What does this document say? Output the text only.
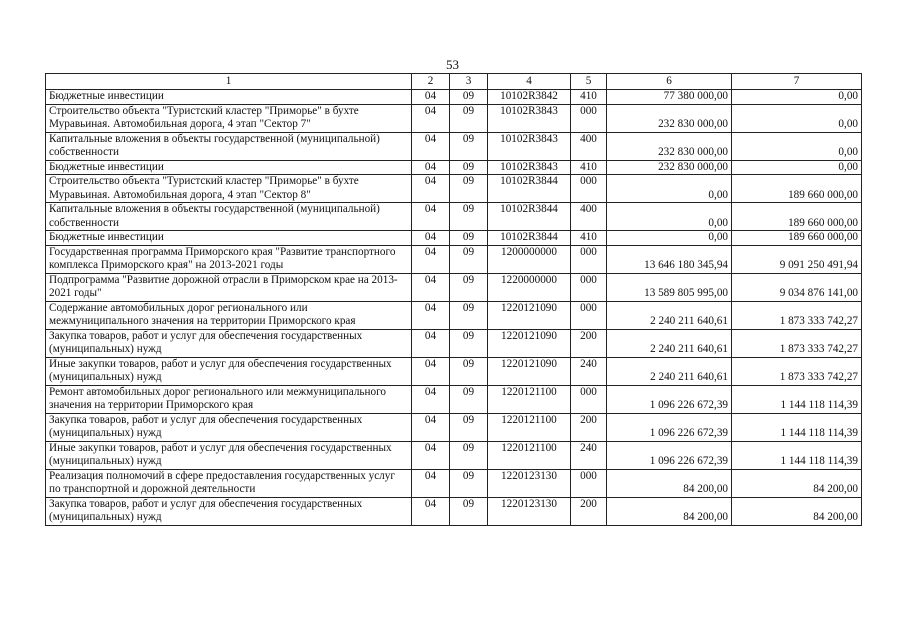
53
1	2	3	4	5	6	7
Бюджетные инвестиции	04	09	10102R3842	410	77 380 000,00	0,00
Строительство объекта "Туристский кластер "Приморье" в бухте Муравьиная. Автомобильная дорога, 4 этап "Сектор 7"	04	09	10102R3843	000	232 830 000,00	0,00
Капитальные вложения в объекты государственной (муниципальной) собственности	04	09	10102R3843	400	232 830 000,00	0,00
Бюджетные инвестиции	04	09	10102R3843	410	232 830 000,00	0,00
Строительство объекта "Туристский кластер "Приморье" в бухте Муравьиная. Автомобильная дорога, 4 этап "Сектор 8"	04	09	10102R3844	000	0,00	189 660 000,00
Капитальные вложения в объекты государственной (муниципальной) собственности	04	09	10102R3844	400	0,00	189 660 000,00
Бюджетные инвестиции	04	09	10102R3844	410	0,00	189 660 000,00
Государственная программа Приморского края "Развитие транспортного комплекса Приморского края" на 2013-2021 годы	04	09	1200000000	000	13 646 180 345,94	9 091 250 491,94
Подпрограмма "Развитие дорожной отрасли в Приморском крае на 2013-2021 годы"	04	09	1220000000	000	13 589 805 995,00	9 034 876 141,00
Содержание автомобильных дорог регионального или межмуниципального значения на территории Приморского края	04	09	1220121090	000	2 240 211 640,61	1 873 333 742,27
Закупка товаров, работ и услуг для обеспечения государственных (муниципальных) нужд	04	09	1220121090	200	2 240 211 640,61	1 873 333 742,27
Иные закупки товаров, работ и услуг для обеспечения государственных (муниципальных) нужд	04	09	1220121090	240	2 240 211 640,61	1 873 333 742,27
Ремонт автомобильных дорог регионального или межмуниципального значения на территории Приморского края	04	09	1220121100	000	1 096 226 672,39	1 144 118 114,39
Закупка товаров, работ и услуг для обеспечения государственных (муниципальных) нужд	04	09	1220121100	200	1 096 226 672,39	1 144 118 114,39
Иные закупки товаров, работ и услуг для обеспечения государственных (муниципальных) нужд	04	09	1220121100	240	1 096 226 672,39	1 144 118 114,39
Реализация полномочий в сфере предоставления государственных услуг по транспортной и дорожной деятельности	04	09	1220123130	000	84 200,00	84 200,00
Закупка товаров, работ и услуг для обеспечения государственных (муниципальных) нужд	04	09	1220123130	200	84 200,00	84 200,00
